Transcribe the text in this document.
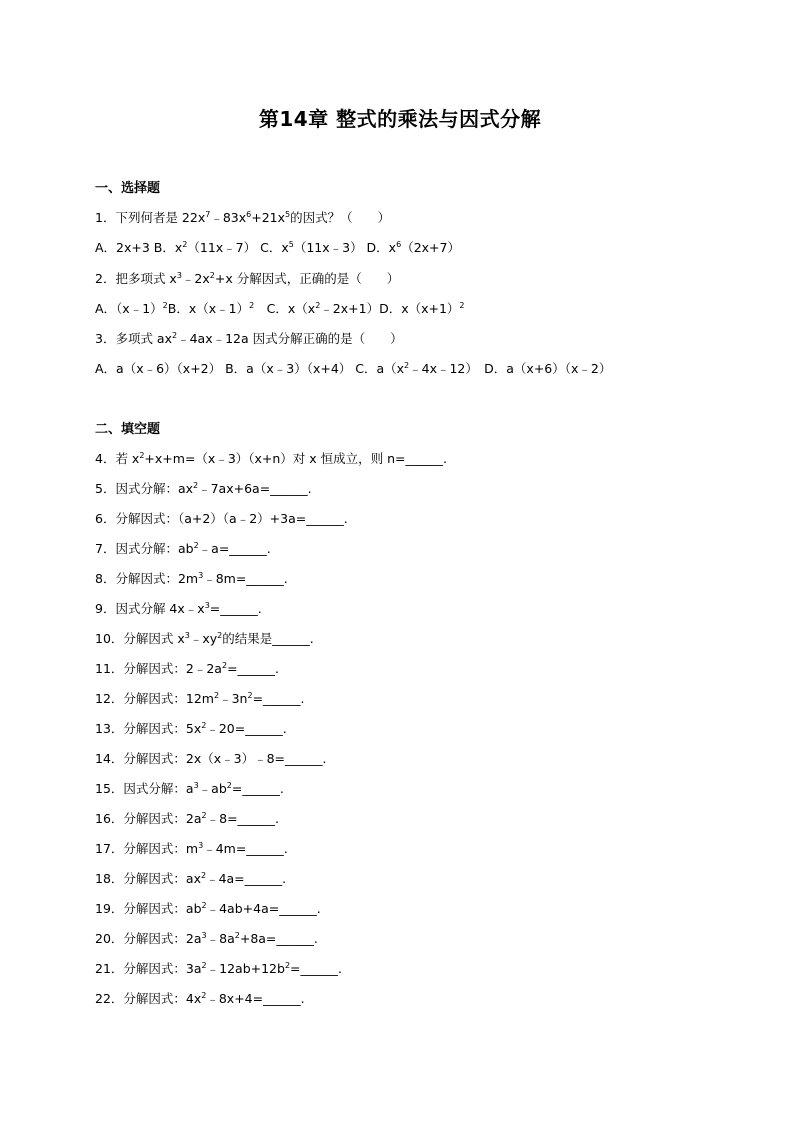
第14章 整式的乘法与因式分解
一、选择题
1．下列何者是 $22x^7﹣83x^6+21x^5$的因式？（　　）
A．2x+3 B．$x^2(11x﹣7)$ C．$x^5(11x﹣3)$ D．$x^6(2x+7)$
2．把多项式 $x^3﹣2x^2+x$ 分解因式，正确的是（　　）
A．（x﹣1）$^2$B．x（x﹣1）$^2$　C．$x(x^2﹣2x+1)D$．$x(x+1)^2$
3．多项式 $ax^2﹣4ax﹣12a$ 因式分解正确的是（　　）
A．a（x﹣6）（x+2） B．a（x﹣3）（x+4） C．$a(x^2﹣4x﹣12)$　D．a（x+6）（x﹣2）
二、填空题
4．若 $x^2+x+m=(x﹣3)(x+n)$对 x 恒成立，则 n=______.
5．因式分解：$ax^2﹣7ax+6a=\_\_\_\_\_\_$.
6．分解因式：（a+2）（a﹣2）+3a=______.
7．因式分解：$ab^2﹣a=\_\_\_\_\_\_$.
8．分解因式：$2m^3﹣8m=\_\_\_\_\_\_$.
9．因式分解 $4x﹣x^3=\_\_\_\_\_\_$.
10．分解因式 $x^3﹣xy^2$的结果是______.
11．分解因式：$2﹣2a^2=\_\_\_\_\_\_$.
12．分解因式：$12m^2﹣3n^2=\_\_\_\_\_\_$.
13．分解因式：$5x^2﹣20=\_\_\_\_\_\_$.
14．分解因式：2x（x﹣3）﹣8=______.
15．因式分解：$a^3﹣ab^2=\_\_\_\_\_\_$.
16．分解因式：$2a^2﹣8=\_\_\_\_\_\_$.
17．分解因式：$m^3﹣4m=\_\_\_\_\_\_$.
18．分解因式：$ax^2﹣4a=\_\_\_\_\_\_$.
19．分解因式：$ab^2﹣4ab+4a=\_\_\_\_\_\_$.
20．分解因式：$2a^3﹣8a^2+8a=\_\_\_\_\_\_$.
21．分解因式：$3a^2﹣12ab+12b^2=\_\_\_\_\_\_$.
22．分解因式：$4x^2﹣8x+4=\_\_\_\_\_\_$.
